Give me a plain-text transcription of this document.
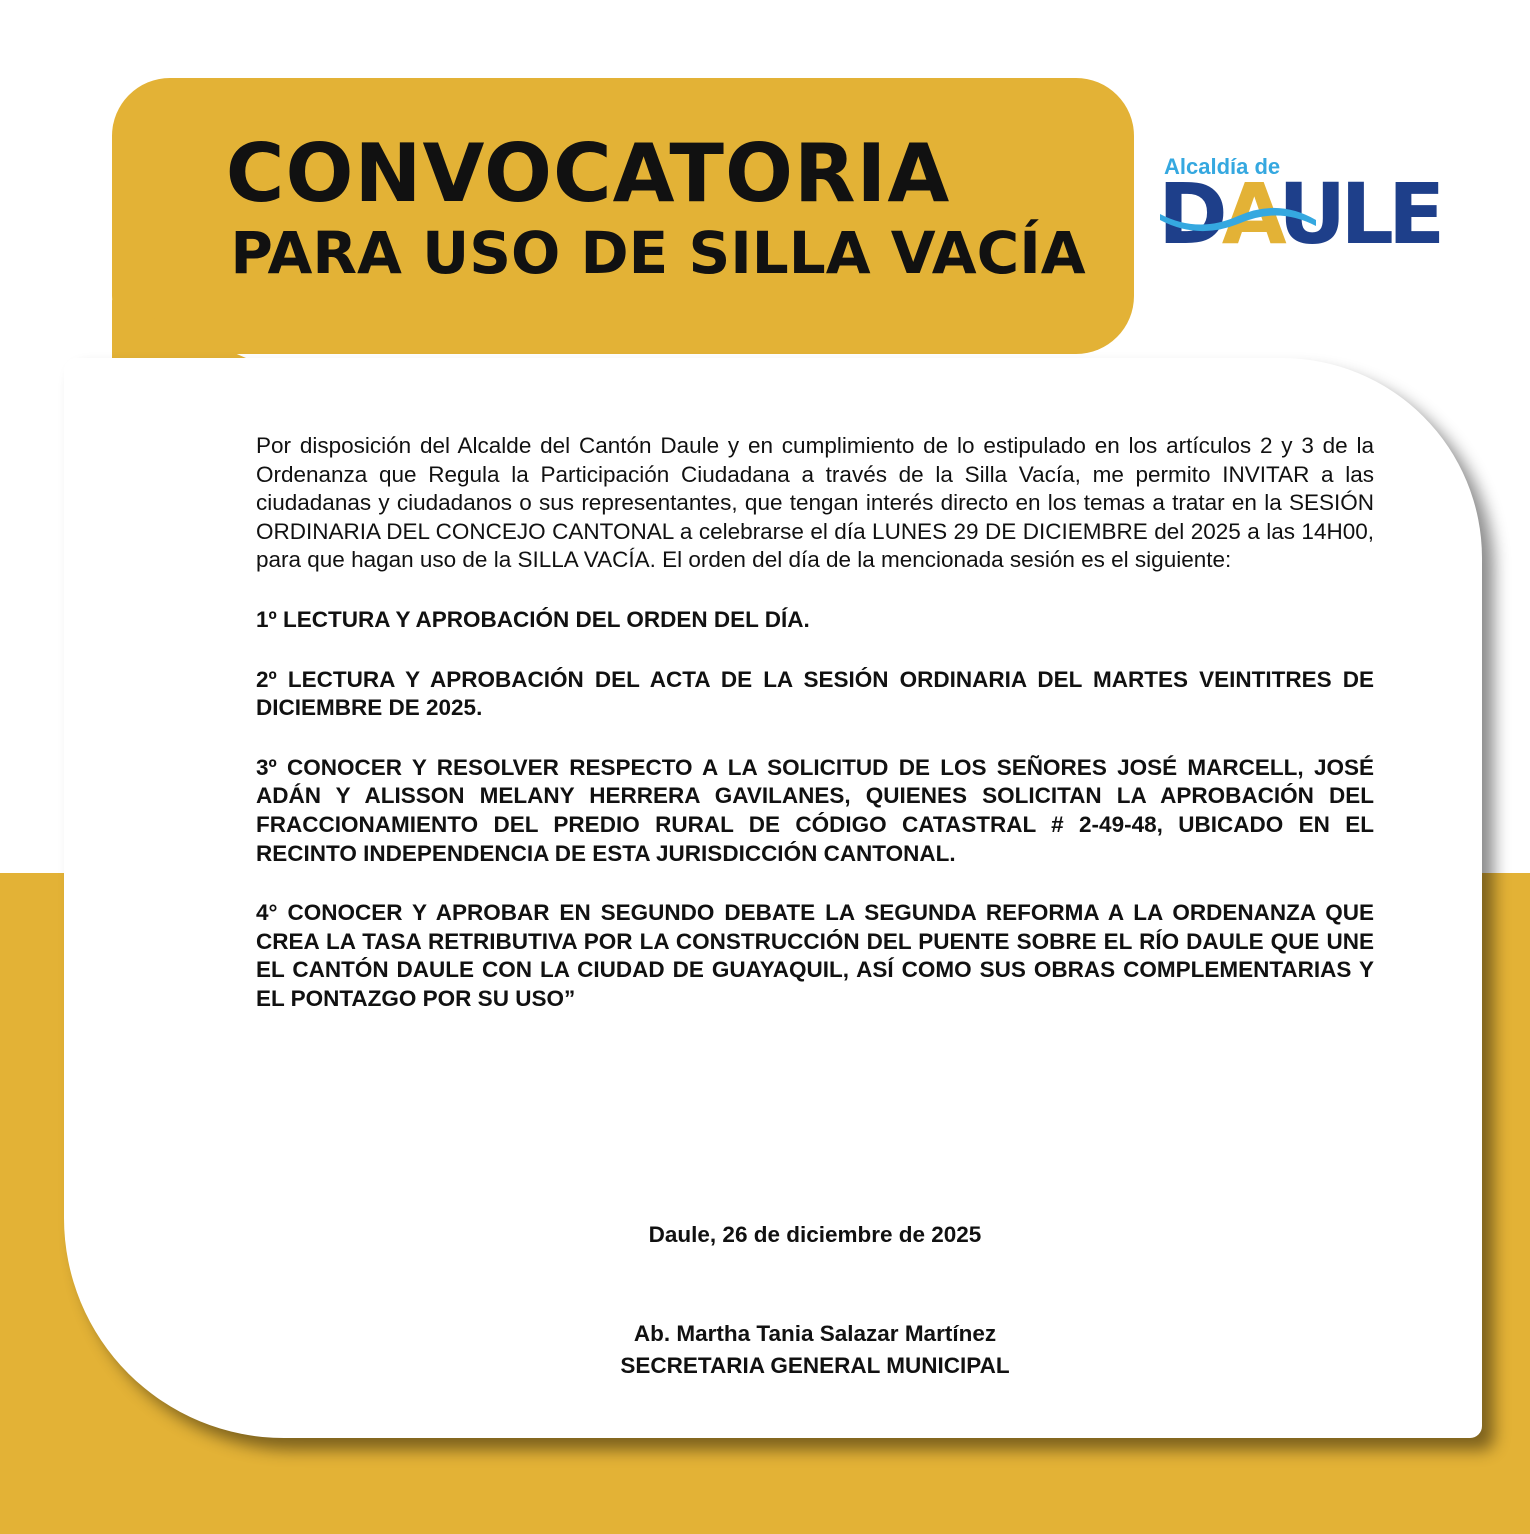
CONVOCATORIA
PARA USO DE SILLA VACÍA
Alcaldía de
DAULE

Por disposición del Alcalde del Cantón Daule y en cumplimiento de lo estipulado en los artículos 2 y 3 de la Ordenanza que Regula la Participación Ciudadana a través de la Silla Vacía, me permito INVITAR a las ciudadanas y ciudadanos o sus representantes, que tengan interés directo en los temas a tratar en la SESIÓN ORDINARIA DEL CONCEJO CANTONAL a celebrarse el día LUNES 29 DE DICIEMBRE del 2025 a las 14H00, para que hagan uso de la SILLA VACÍA. El orden del día de la mencionada sesión es el siguiente:

1º LECTURA Y APROBACIÓN DEL ORDEN DEL DÍA.

2º LECTURA Y APROBACIÓN DEL ACTA DE LA SESIÓN ORDINARIA DEL MARTES VEINTITRES DE DICIEMBRE DE 2025.

3º CONOCER Y RESOLVER RESPECTO A LA SOLICITUD DE LOS SEÑORES JOSÉ MARCELL, JOSÉ ADÁN Y ALISSON MELANY HERRERA GAVILANES, QUIENES SOLICITAN LA APROBACIÓN DEL FRACCIONAMIENTO DEL PREDIO RURAL DE CÓDIGO CATASTRAL # 2-49-48, UBICADO EN EL RECINTO INDEPENDENCIA DE ESTA JURISDICCIÓN CANTONAL.

4° CONOCER Y APROBAR EN SEGUNDO DEBATE LA SEGUNDA REFORMA A LA ORDENANZA QUE CREA LA TASA RETRIBUTIVA POR LA CONSTRUCCIÓN DEL PUENTE SOBRE EL RÍO DAULE QUE UNE EL CANTÓN DAULE CON LA CIUDAD DE GUAYAQUIL, ASÍ COMO SUS OBRAS COMPLEMENTARIAS Y EL PONTAZGO POR SU USO”

Daule, 26 de diciembre de 2025
Ab. Martha Tania Salazar Martínez
SECRETARIA GENERAL MUNICIPAL
